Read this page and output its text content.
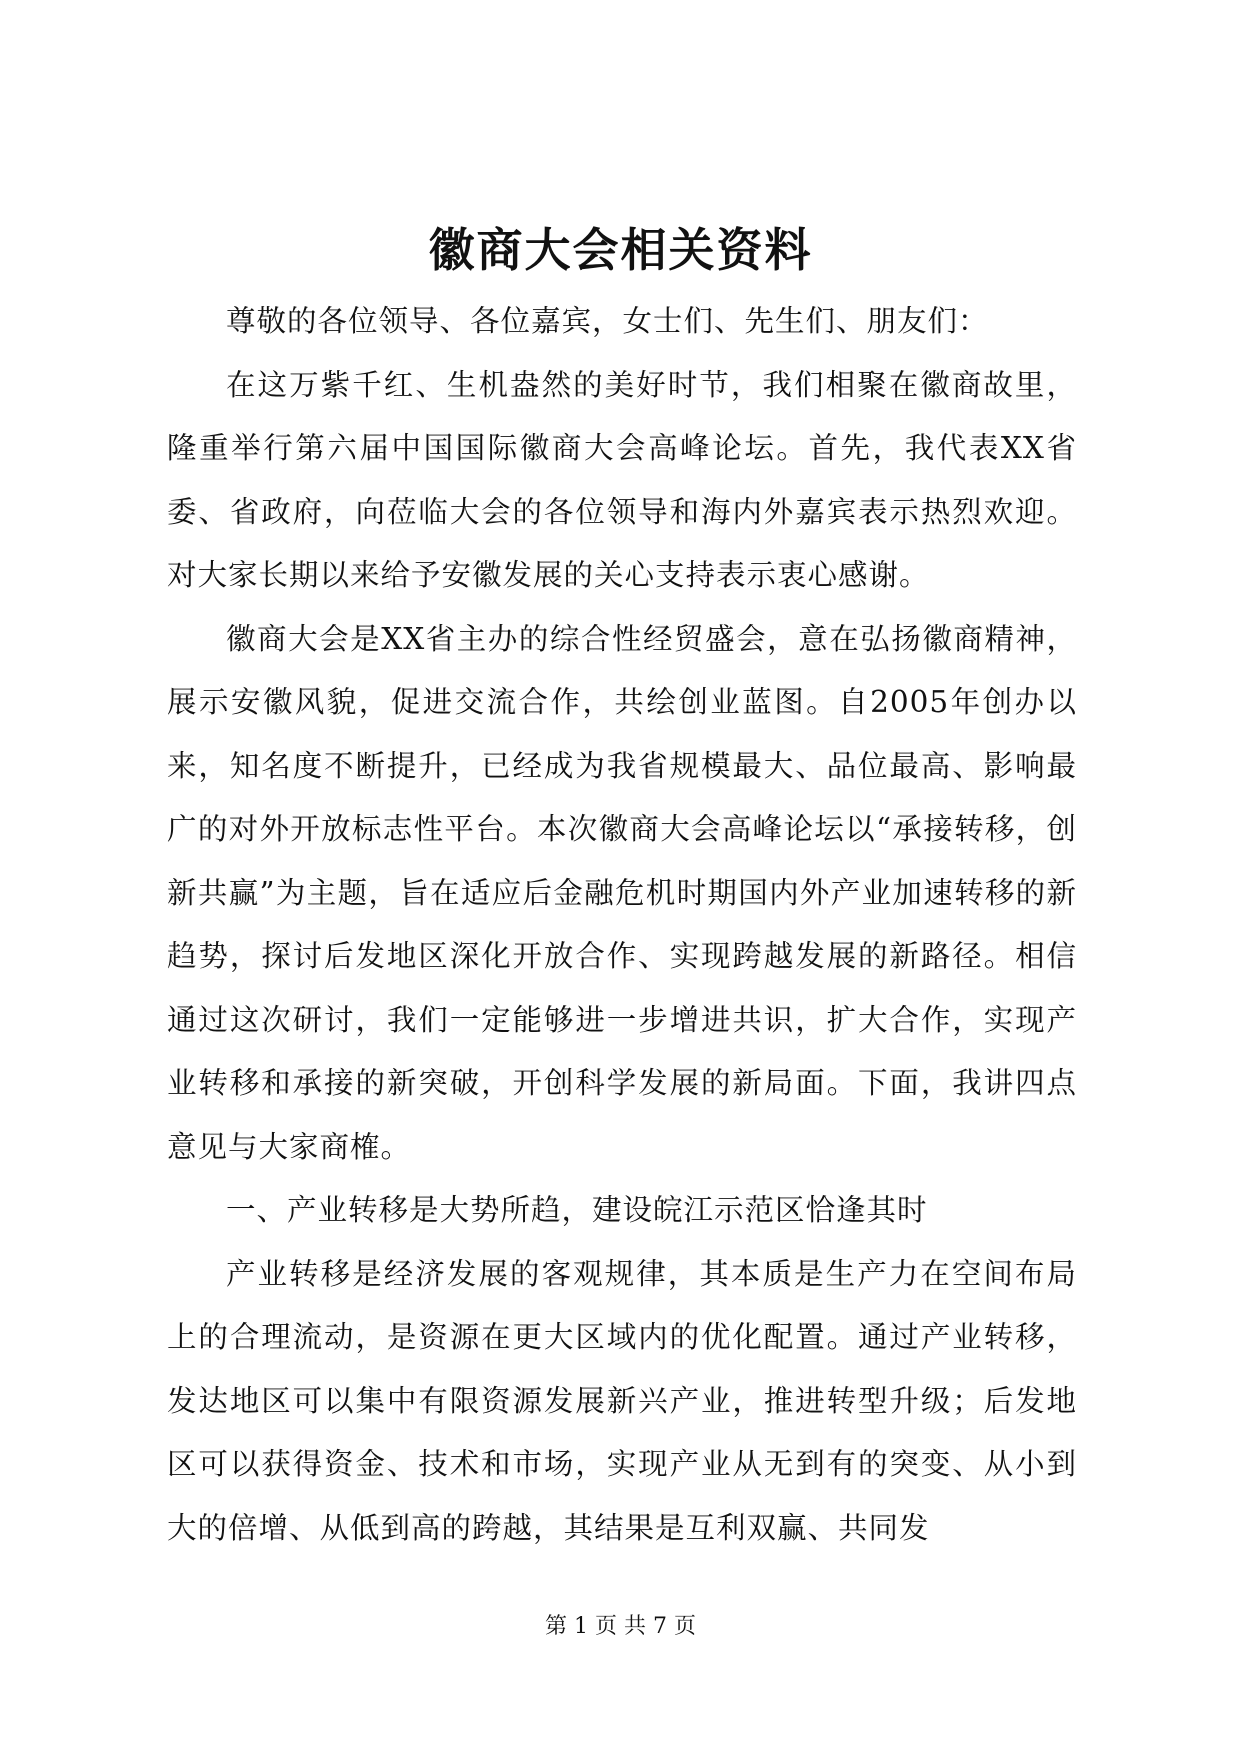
徽商大会相关资料

尊敬的各位领导、各位嘉宾，女士们、先生们、朋友们：

在这万紫千红、生机盎然的美好时节，我们相聚在徽商故里，隆重举行第六届中国国际徽商大会高峰论坛。首先，我代表XX省委、省政府，向莅临大会的各位领导和海内外嘉宾表示热烈欢迎。对大家长期以来给予安徽发展的关心支持表示衷心感谢。

徽商大会是XX省主办的综合性经贸盛会，意在弘扬徽商精神，展示安徽风貌，促进交流合作，共绘创业蓝图。自2005年创办以来，知名度不断提升，已经成为我省规模最大、品位最高、影响最广的对外开放标志性平台。本次徽商大会高峰论坛以“承接转移，创新共赢”为主题，旨在适应后金融危机时期国内外产业加速转移的新趋势，探讨后发地区深化开放合作、实现跨越发展的新路径。相信通过这次研讨，我们一定能够进一步增进共识，扩大合作，实现产业转移和承接的新突破，开创科学发展的新局面。下面，我讲四点意见与大家商榷。

一、产业转移是大势所趋，建设皖江示范区恰逢其时

产业转移是经济发展的客观规律，其本质是生产力在空间布局上的合理流动，是资源在更大区域内的优化配置。通过产业转移，发达地区可以集中有限资源发展新兴产业，推进转型升级；后发地区可以获得资金、技术和市场，实现产业从无到有的突变、从小到大的倍增、从低到高的跨越，其结果是互利双赢、共同发

第 1 页 共 7 页
